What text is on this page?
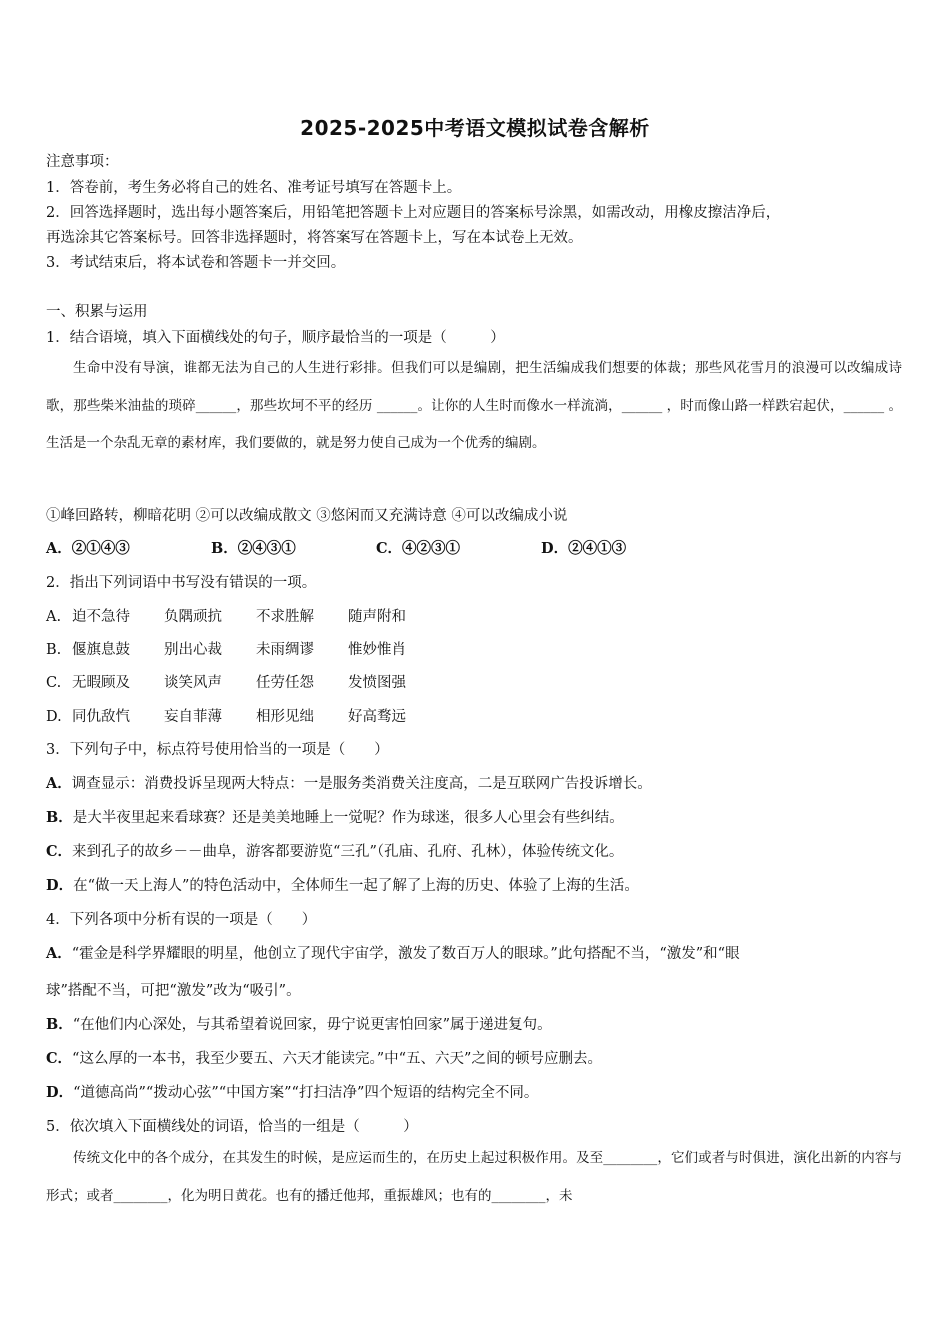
2025-2025中考语文模拟试卷含解析
注意事项：
1．答卷前，考生务必将自己的姓名、准考证号填写在答题卡上。
2．回答选择题时，选出每小题答案后，用铅笔把答题卡上对应题目的答案标号涂黑，如需改动，用橡皮擦洁净后，
再选涂其它答案标号。回答非选择题时，将答案写在答题卡上，写在本试卷上无效。
3．考试结束后，将本试卷和答题卡一并交回。
一、积累与运用
1．结合语境，填入下面横线处的句子，顺序最恰当的一项是（　　　）

生命中没有导演，谁都无法为自己的人生进行彩排。但我们可以是编剧，把生活编成我们想要的体裁；那些风花雪月的浪漫可以改编成诗歌，那些柴米油盐的琐碎______，那些坎坷不平的经历 ______。让你的人生时而像水一样流淌，______ ，时而像山路一样跌宕起伏，______ 。生活是一个杂乱无章的素材库，我们要做的，就是努力使自己成为一个优秀的编剧。

①峰回路转，柳暗花明 ②可以改编成散文 ③悠闲而又充满诗意 ④可以改编成小说
A．②①④③	B．②④③①	C．④②③①	D．②④①③
2．指出下列词语中书写没有错误的一项。
A. 迫不急待 负隅顽抗 不求胜解 随声附和
B. 偃旗息鼓 别出心裁 未雨绸谬 惟妙惟肖
C. 无暇顾及 谈笑风声 任劳任怨 发愤图强
D. 同仇敌忾 妄自菲薄 相形见绌 好高骛远
3．下列句子中，标点符号使用恰当的一项是（　　）
A．调查显示：消费投诉呈现两大特点：一是服务类消费关注度高，二是互联网广告投诉增长。
B．是大半夜里起来看球赛？还是美美地睡上一觉呢？作为球迷，很多人心里会有些纠结。
C．来到孔子的故乡－－曲阜，游客都要游览“三孔”（孔庙、孔府、孔林），体验传统文化。
D．在“做一天上海人”的特色活动中，全体师生一起了解了上海的历史、体验了上海的生活。
4．下列各项中分析有误的一项是（　　）
A．“霍金是科学界耀眼的明星，他创立了现代宇宙学，激发了数百万人的眼球。”此句搭配不当，“激发”和“眼
球”搭配不当，可把“激发”改为“吸引”。
B．“在他们内心深处，与其希望着说回家，毋宁说更害怕回家”属于递进复句。
C．“这么厚的一本书，我至少要五、六天才能读完。”中“五、六天”之间的顿号应删去。
D．“道德高尚”“拨动心弦”“中国方案”“打扫洁净”四个短语的结构完全不同。
5．依次填入下面横线处的词语，恰当的一组是（　　　）

传统文化中的各个成分，在其发生的时候，是应运而生的，在历史上起过积极作用。及至________，它们或者与时俱进，演化出新的内容与形式；或者________，化为明日黄花。也有的播迁他邦，重振雄风；也有的________，未
